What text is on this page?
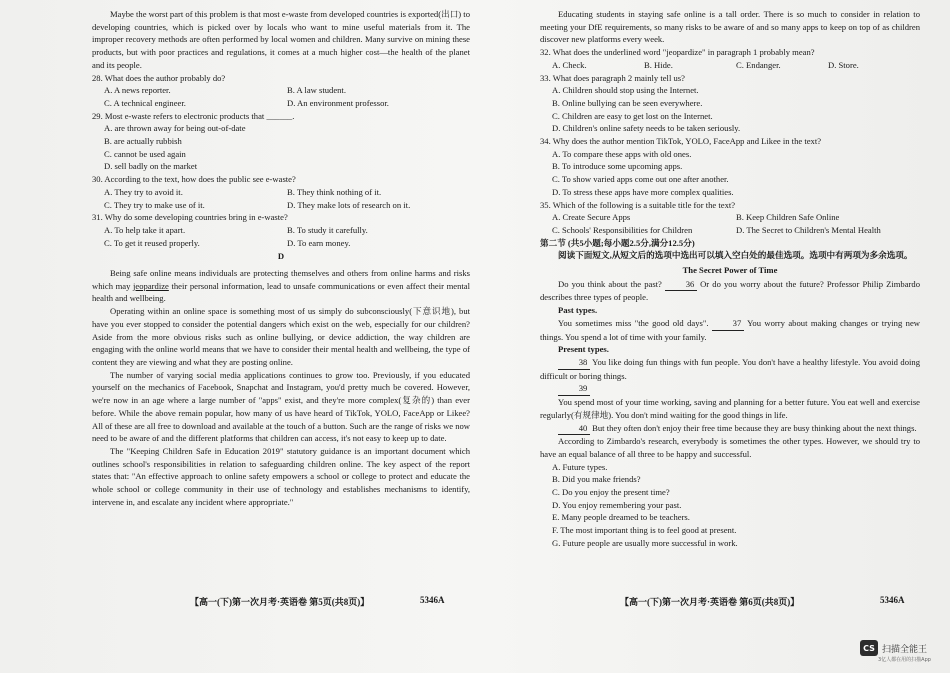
Maybe the worst part of this problem is that most e-waste from developed countries is exported(出口) to developing countries, which is picked over by locals who want to mine useful materials from it. The improper recovery methods are often performed by local women and children. Many survive on mining these products, but with poor practices and regulations, it comes at a much higher cost—the health of the planet and its people.

28. What does the author probably do?

A. A news reporter.	B. A law student.
C. A technical engineer.	D. An environment professor.

29. Most e-waste refers to electronic products that ______.

A. are thrown away for being out-of-date
B. are actually rubbish
C. cannot be used again
D. sell badly on the market

30. According to the text, how does the public see e-waste?

A. They try to avoid it.	B. They think nothing of it.
C. They try to make use of it.	D. They make lots of research on it.

31. Why do some developing countries bring in e-waste?

A. To help take it apart.	B. To study it carefully.
C. To get it reused properly.	D. To earn money.

D

Being safe online means individuals are protecting themselves and others from online harms and risks which may jeopardize their personal information, lead to unsafe communications or even affect their mental health and wellbeing.

Operating within an online space is something most of us simply do subconsciously(下意识地), but have you ever stopped to consider the potential dangers which exist on the web, especially for our children? Aside from the more obvious risks such as online bullying, or device addiction, the way children are engaging with the online world means that we have to consider their mental health and wellbeing, the type of content they are viewing and what they are posting online.

The number of varying social media applications continues to grow too. Previously, if you educated yourself on the mechanics of Facebook, Snapchat and Instagram, you'd pretty much be covered. However, we're now in an age where a large number of "apps" exist, and they're more complex(复杂的) than ever before. While the above remain popular, how many of us have heard of TikTok, YOLO, FaceApp or Likee? All of these are all free to download and available at the touch of a button. Such are the range of risks we now need to be aware of and the different platforms that children can access, it's not easy to keep up to date.

The "Keeping Children Safe in Education 2019" statutory guidance is an important document which outlines school's responsibilities in relation to safeguarding children online. The key aspect of the report states that: "An effective approach to online safety empowers a school or college to protect and educate the whole school or college community in their use of technology and establishes mechanisms to identify, intervene in, and escalate any incident where appropriate."

【高一(下)第一次月考·英语卷 第5页(共8页)】	5346A

Educating students in staying safe online is a tall order. There is so much to consider in relation to meeting your DfE requirements, so many risks to be aware of and so many apps to keep on top of as children discover new platforms every week.

32. What does the underlined word "jeopardize" in paragraph 1 probably mean?

A. Check.	B. Hide.	C. Endanger.	D. Store.

33. What does paragraph 2 mainly tell us?

A. Children should stop using the Internet.
B. Online bullying can be seen everywhere.
C. Children are easy to get lost on the Internet.
D. Children's online safety needs to be taken seriously.

34. Why does the author mention TikTok, YOLO, FaceApp and Likee in the text?

A. To compare these apps with old ones.
B. To introduce some upcoming apps.
C. To show varied apps come out one after another.
D. To stress these apps have more complex qualities.

35. Which of the following is a suitable title for the text?

A. Create Secure Apps	B. Keep Children Safe Online
C. Schools' Responsibilities for Children	D. The Secret to Children's Mental Health

第二节 (共5小题;每小题2.5分,满分12.5分)

阅读下面短文,从短文后的选项中选出可以填入空白处的最佳选项。选项中有两项为多余选项。

The Secret Power of Time

Do you think about the past? 36 Or do you worry about the future? Professor Philip Zimbardo describes three types of people.

Past types.

You sometimes miss "the good old days". 37 You worry about making changes or trying new things. You spend a lot of time with your family.

Present types.

38 You like doing fun things with fun people. You don't have a healthy lifestyle. You avoid doing difficult or boring things.

39

You spend most of your time working, saving and planning for a better future. You eat well and exercise regularly(有规律地). You don't mind waiting for the good things in life.

40 But they often don't enjoy their free time because they are busy thinking about the next things.

According to Zimbardo's research, everybody is sometimes the other types. However, we should try to have an equal balance of all three to be happy and successful.

A. Future types.
B. Did you make friends?
C. Do you enjoy the present time?
D. You enjoy remembering your past.
E. Many people dreamed to be teachers.
F. The most important thing is to feel good at present.
G. Future people are usually more successful in work.
【高一(下)第一次月考·英语卷 第6页(共8页)】	5346A
CS 扫描全能王
3亿人都在用的扫描App
